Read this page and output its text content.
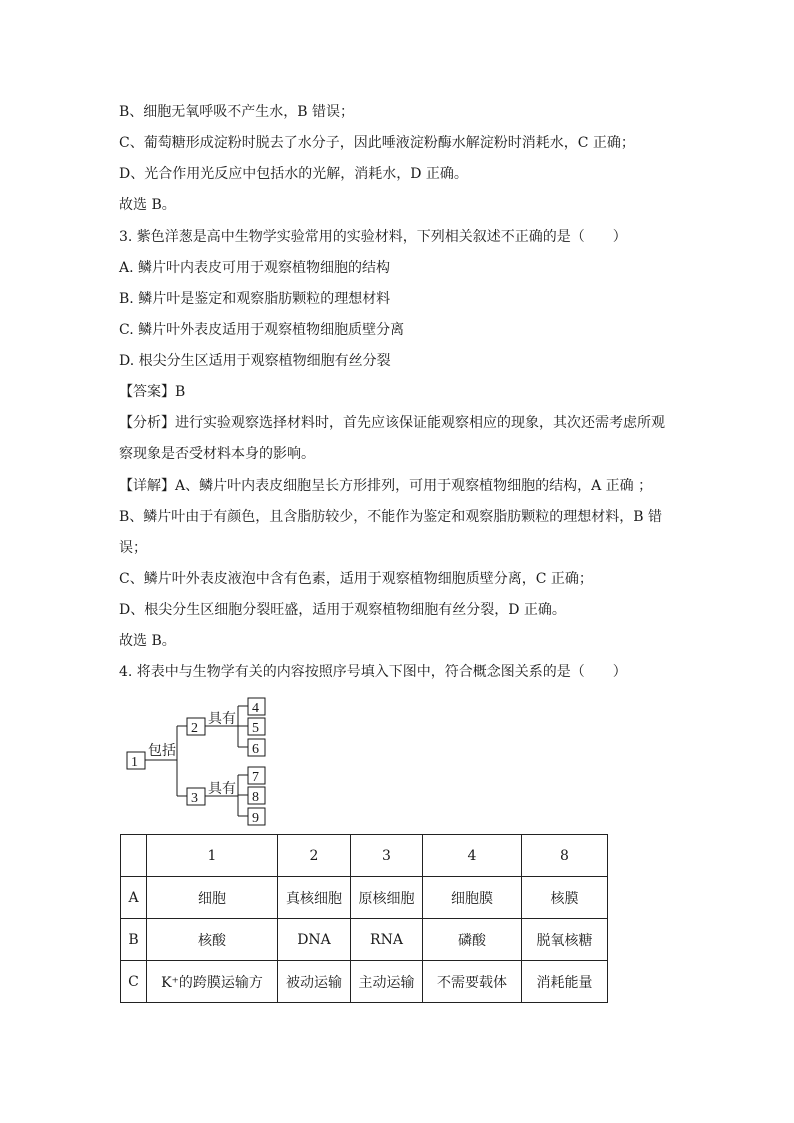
B、细胞无氧呼吸不产生水，B 错误；
C、葡萄糖形成淀粉时脱去了水分子，因此唾液淀粉酶水解淀粉时消耗水，C 正确；
D、光合作用光反应中包括水的光解，消耗水，D 正确。
故选 B。
3. 紫色洋葱是高中生物学实验常用的实验材料，下列相关叙述不正确的是（　　）
A. 鳞片叶内表皮可用于观察植物细胞的结构
B. 鳞片叶是鉴定和观察脂肪颗粒的理想材料
C. 鳞片叶外表皮适用于观察植物细胞质壁分离
D. 根尖分生区适用于观察植物细胞有丝分裂
【答案】B
【分析】进行实验观察选择材料时，首先应该保证能观察相应的现象，其次还需考虑所观
察现象是否受材料本身的影响。
【详解】A、鳞片叶内表皮细胞呈长方形排列，可用于观察植物细胞的结构，A 正确 ；
B、鳞片叶由于有颜色，且含脂肪较少，不能作为鉴定和观察脂肪颗粒的理想材料，B 错
误；
C、鳞片叶外表皮液泡中含有色素，适用于观察植物细胞质壁分离，C 正确；
D、根尖分生区细胞分裂旺盛，适用于观察植物细胞有丝分裂，D 正确。
故选 B。
4. 将表中与生物学有关的内容按照序号填入下图中，符合概念图关系的是（　　）
1
2
3
4
5
6
7
8
9
包括
具有
具有
	1	2	3	4	8
A	细胞	真核细胞	原核细胞	细胞膜	核膜
B	核酸	DNA	RNA	磷酸	脱氧核糖
C	K⁺的跨膜运输方	被动运输	主动运输	不需要载体	消耗能量
